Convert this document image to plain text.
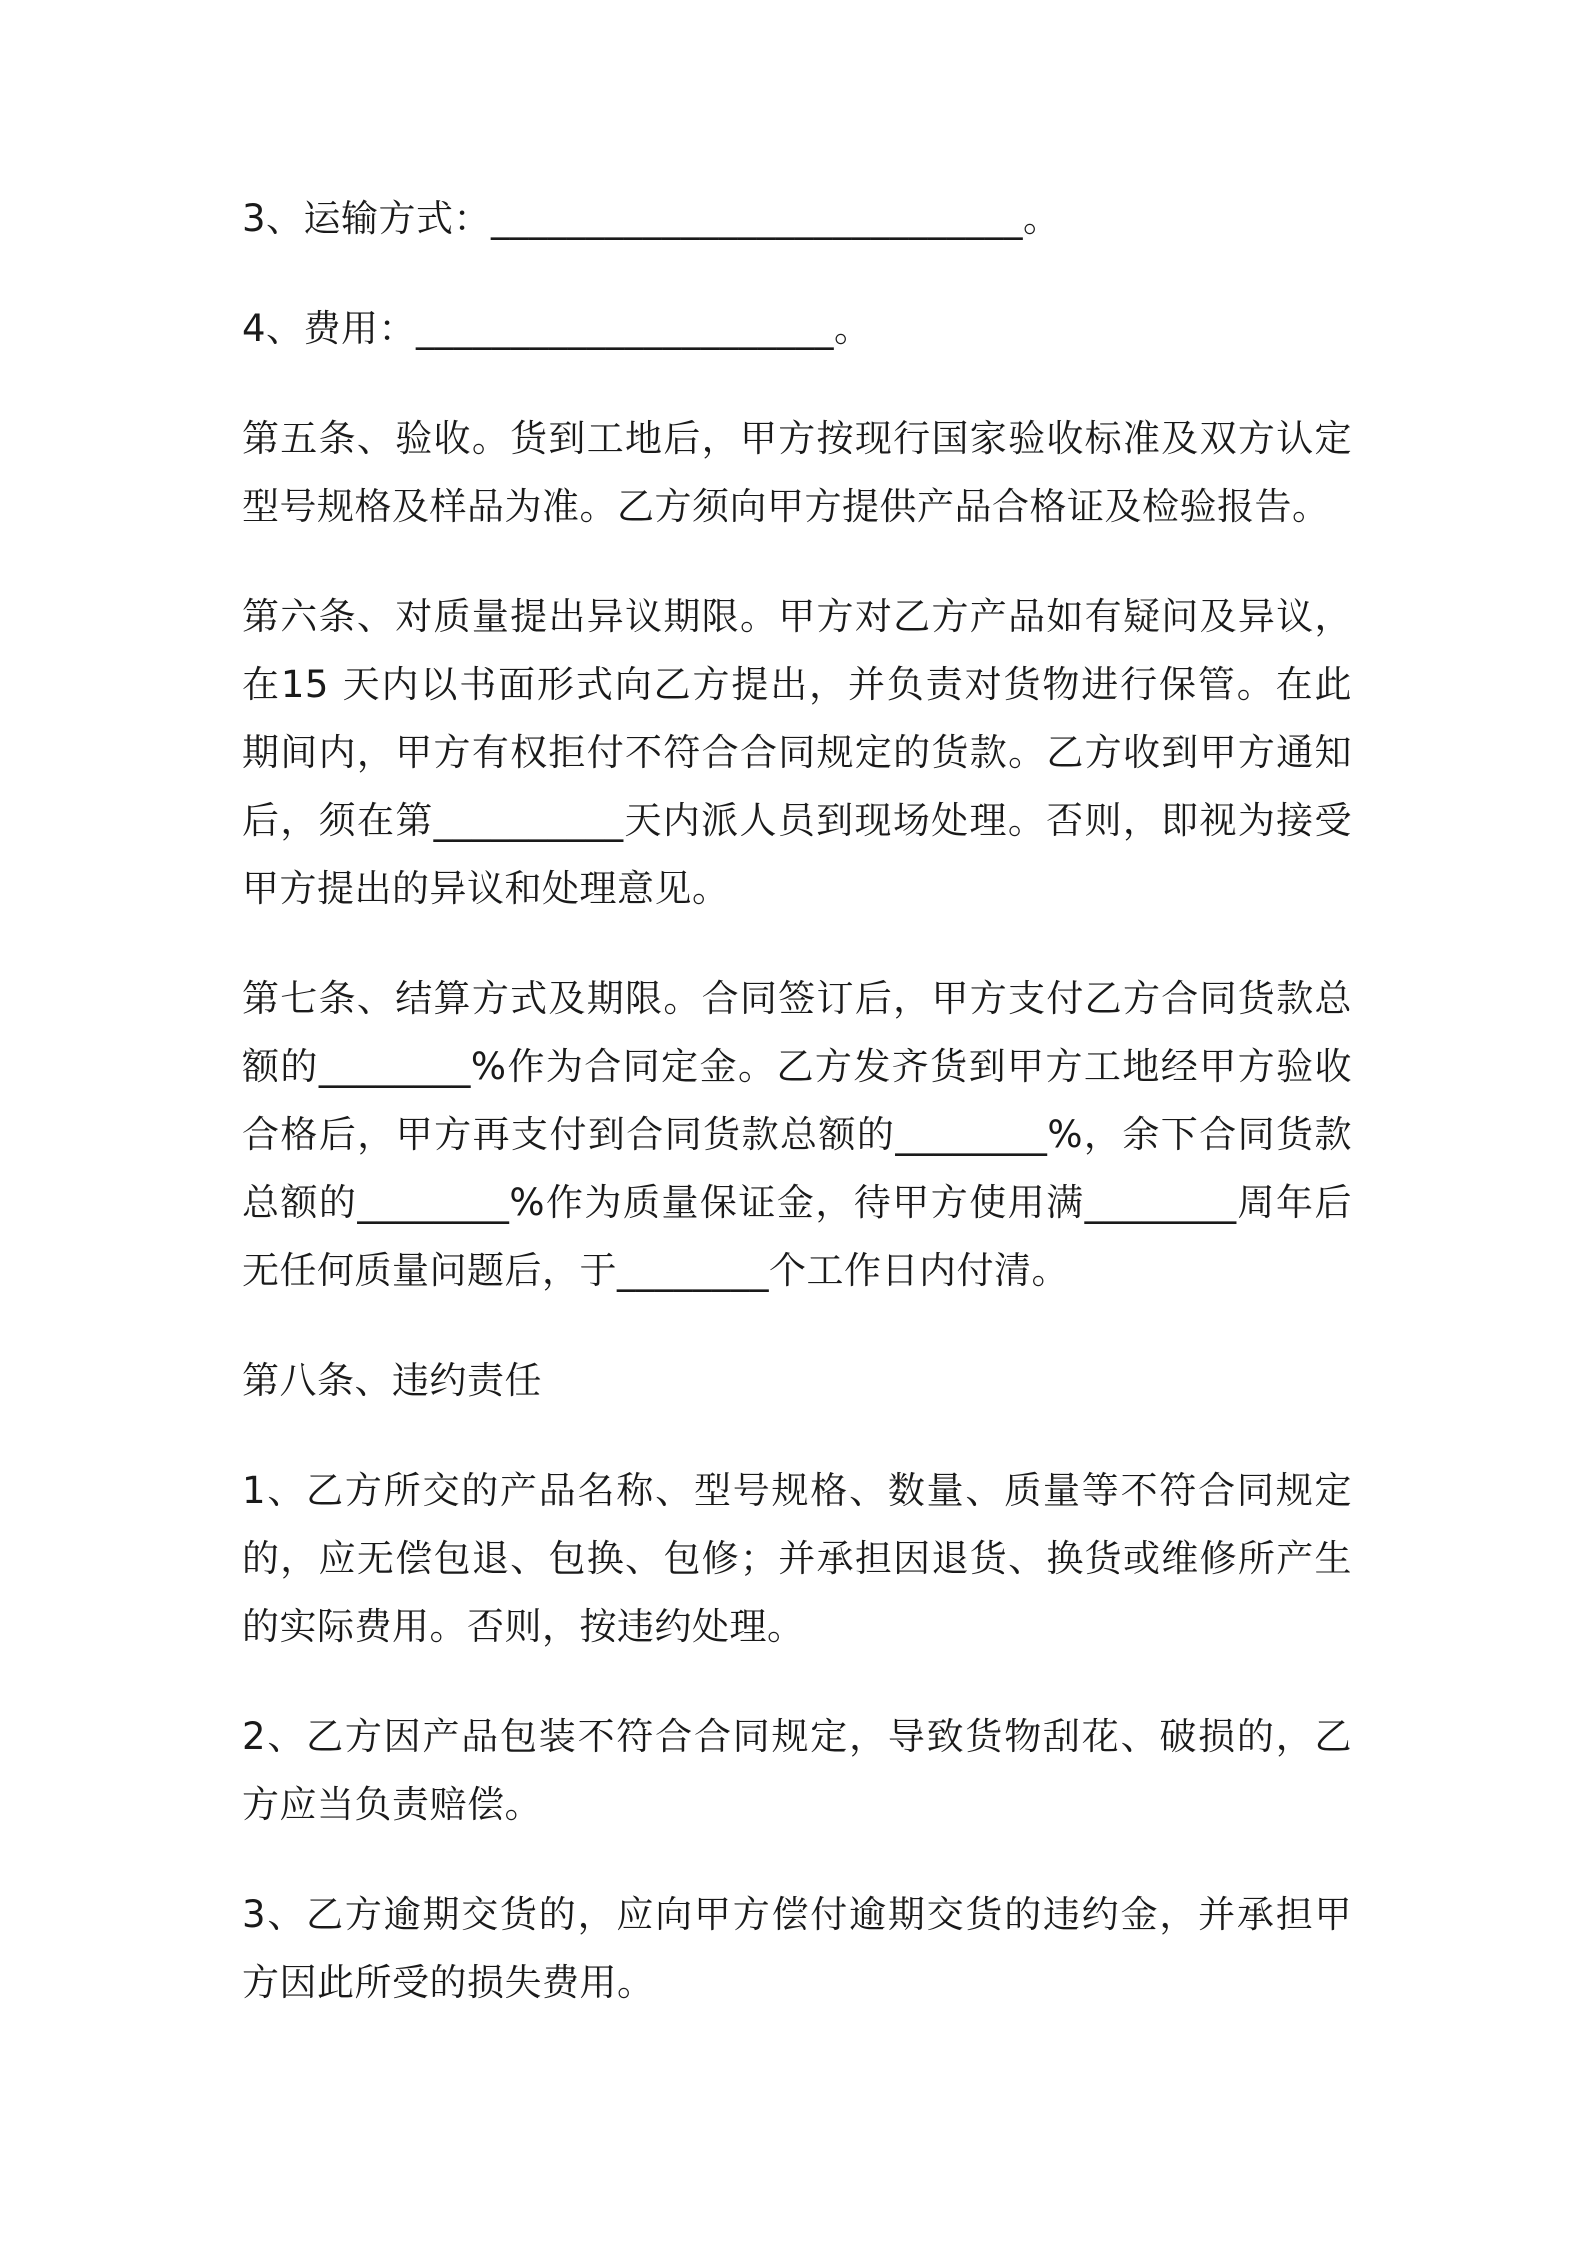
3、运输方式：____________________________。

4、费用：______________________。

第五条、验收。货到工地后，甲方按现行国家验收标准及双方认定型号规格及样品为准。乙方须向甲方提供产品合格证及检验报告。

第六条、对质量提出异议期限。甲方对乙方产品如有疑问及异议，在15 天内以书面形式向乙方提出，并负责对货物进行保管。在此期间内，甲方有权拒付不符合合同规定的货款。乙方收到甲方通知后，须在第__________天内派人员到现场处理。否则，即视为接受甲方提出的异议和处理意见。

第七条、结算方式及期限。合同签订后，甲方支付乙方合同货款总额的________%作为合同定金。乙方发齐货到甲方工地经甲方验收合格后，甲方再支付到合同货款总额的________%，余下合同货款总额的________%作为质量保证金，待甲方使用满________周年后无任何质量问题后，于________个工作日内付清。

第八条、违约责任

1、乙方所交的产品名称、型号规格、数量、质量等不符合同规定的，应无偿包退、包换、包修；并承担因退货、换货或维修所产生的实际费用。否则，按违约处理。

2、乙方因产品包装不符合合同规定，导致货物刮花、破损的，乙方应当负责赔偿。

3、乙方逾期交货的，应向甲方偿付逾期交货的违约金，并承担甲方因此所受的损失费用。
